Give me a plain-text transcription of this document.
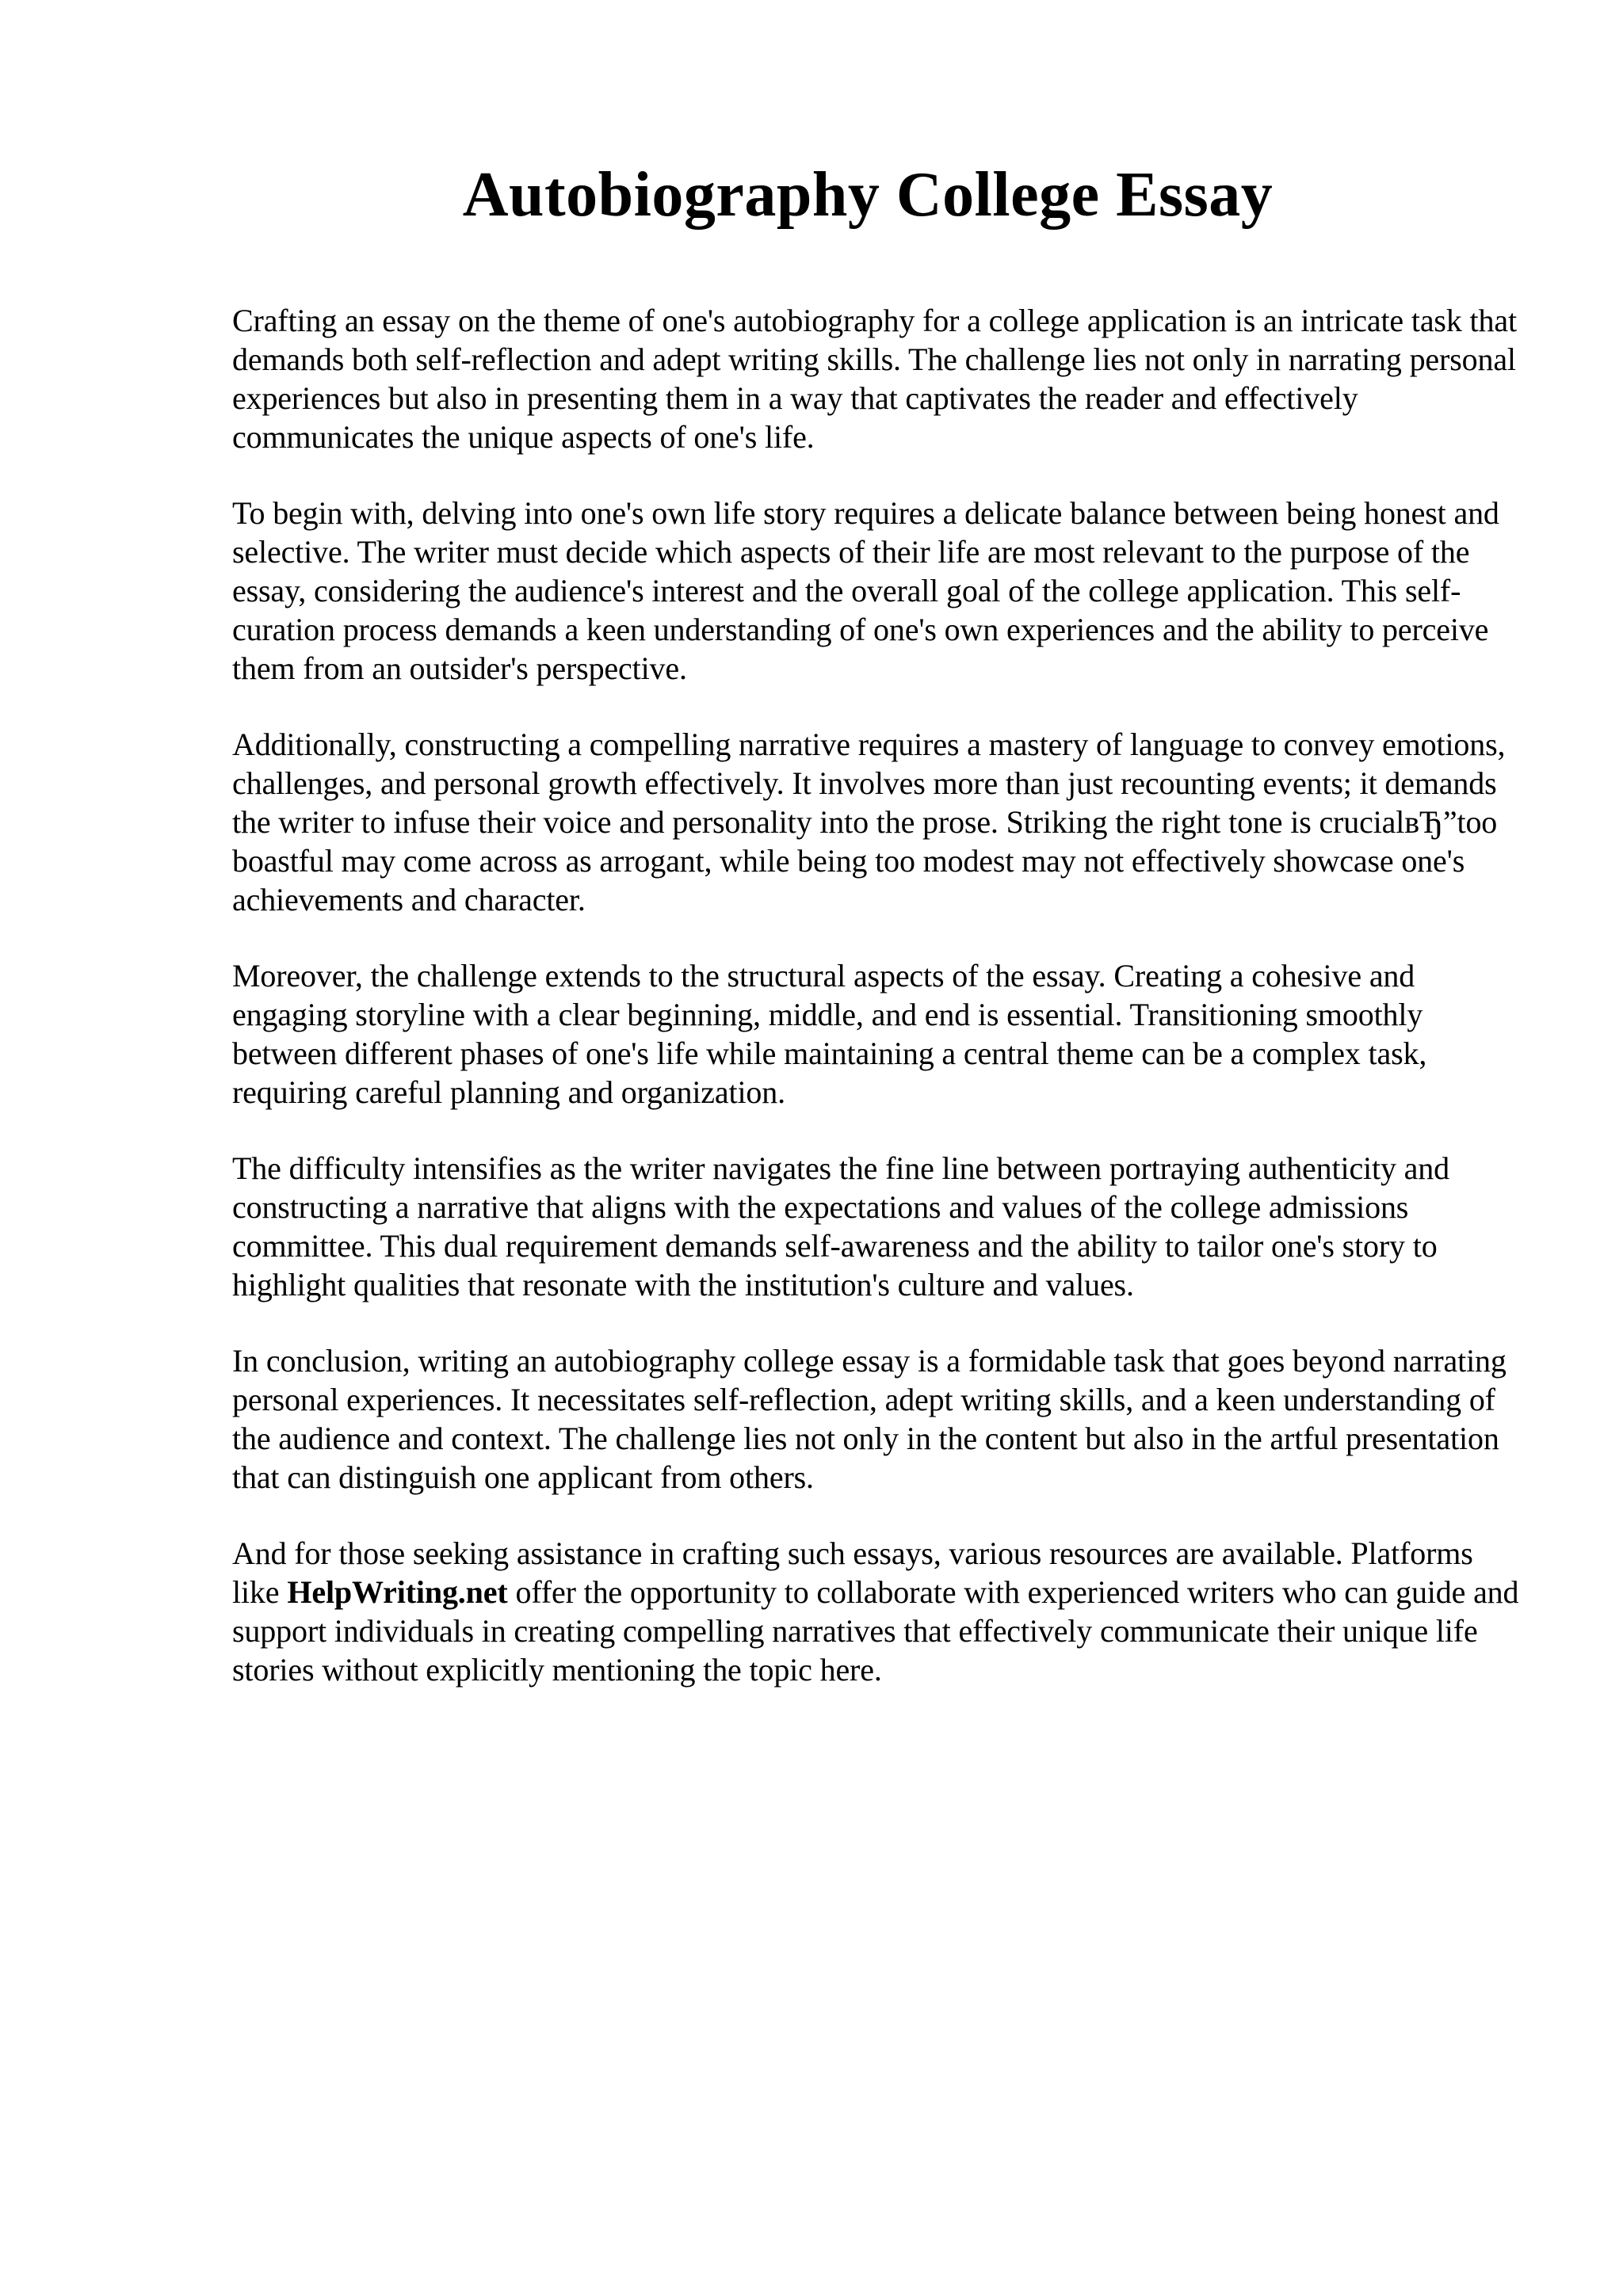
Autobiography College Essay

Crafting an essay on the theme of one's autobiography for a college application is an intricate task that demands both self-reflection and adept writing skills. The challenge lies not only in narrating personal experiences but also in presenting them in a way that captivates the reader and effectively communicates the unique aspects of one's life.

To begin with, delving into one's own life story requires a delicate balance between being honest and selective. The writer must decide which aspects of their life are most relevant to the purpose of the essay, considering the audience's interest and the overall goal of the college application. This self-curation process demands a keen understanding of one's own experiences and the ability to perceive them from an outsider's perspective.

Additionally, constructing a compelling narrative requires a mastery of language to convey emotions, challenges, and personal growth effectively. It involves more than just recounting events; it demands the writer to infuse their voice and personality into the prose. Striking the right tone is crucialвЂ”too boastful may come across as arrogant, while being too modest may not effectively showcase one's achievements and character.

Moreover, the challenge extends to the structural aspects of the essay. Creating a cohesive and engaging storyline with a clear beginning, middle, and end is essential. Transitioning smoothly between different phases of one's life while maintaining a central theme can be a complex task, requiring careful planning and organization.

The difficulty intensifies as the writer navigates the fine line between portraying authenticity and constructing a narrative that aligns with the expectations and values of the college admissions committee. This dual requirement demands self-awareness and the ability to tailor one's story to highlight qualities that resonate with the institution's culture and values.

In conclusion, writing an autobiography college essay is a formidable task that goes beyond narrating personal experiences. It necessitates self-reflection, adept writing skills, and a keen understanding of the audience and context. The challenge lies not only in the content but also in the artful presentation that can distinguish one applicant from others.

And for those seeking assistance in crafting such essays, various resources are available. Platforms like HelpWriting.net offer the opportunity to collaborate with experienced writers who can guide and support individuals in creating compelling narratives that effectively communicate their unique life stories without explicitly mentioning the topic here.
